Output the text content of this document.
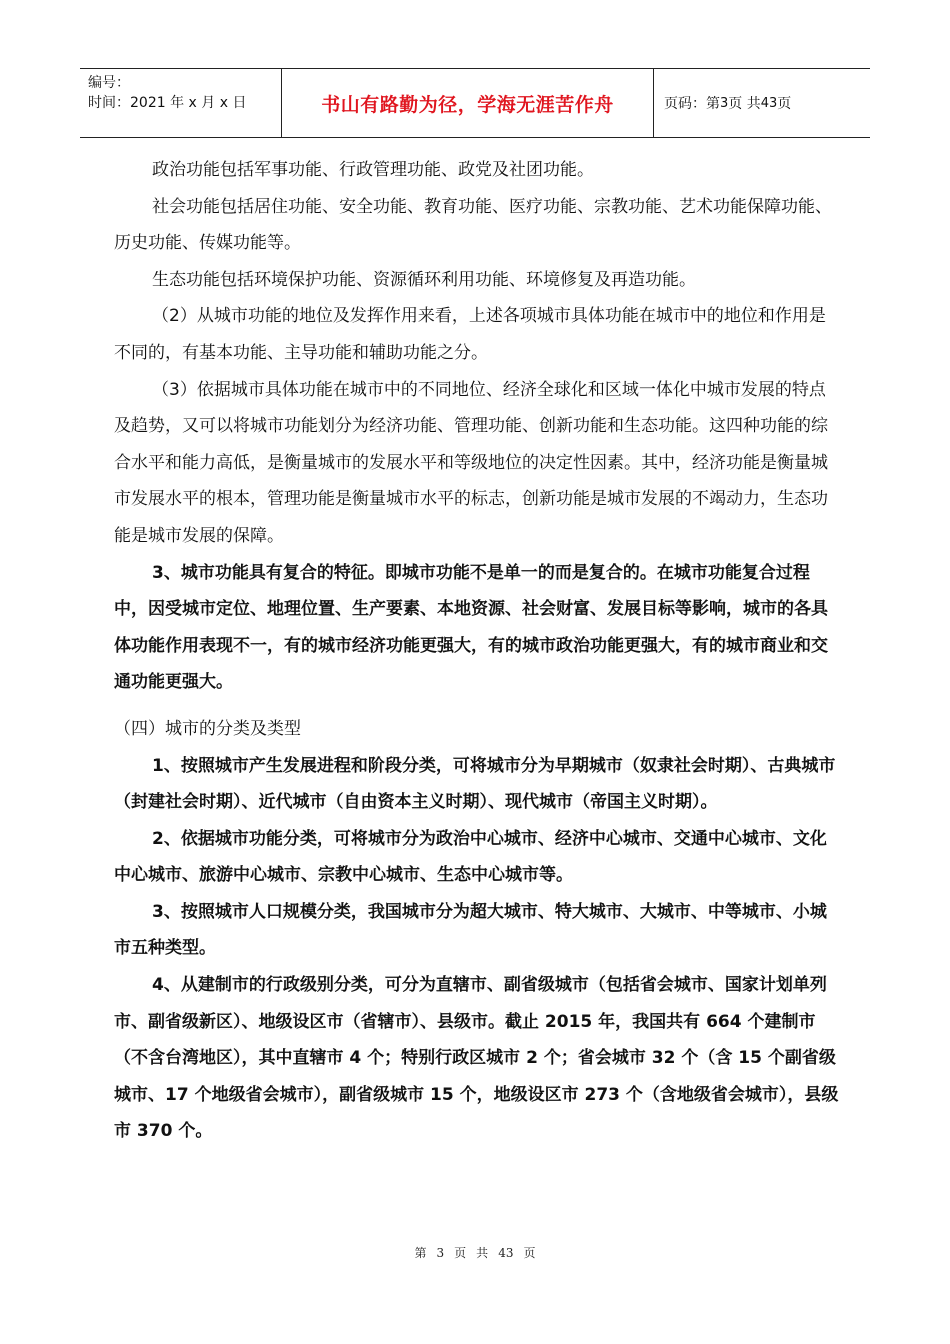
编号：
时间：2021 年 x 月 x 日	书山有路勤为径，学海无涯苦作舟	页码：第 3 页 共 43 页

政治功能包括军事功能、行政管理功能、政党及社团功能。

社会功能包括居住功能、安全功能、教育功能、医疗功能、宗教功能、艺术功能保障功能、历史功能、传媒功能等。

生态功能包括环境保护功能、资源循环利用功能、环境修复及再造功能。

（2）从城市功能的地位及发挥作用来看，上述各项城市具体功能在城市中的地位和作用是不同的，有基本功能、主导功能和辅助功能之分。

（3）依据城市具体功能在城市中的不同地位、经济全球化和区域一体化中城市发展的特点及趋势，又可以将城市功能划分为经济功能、管理功能、创新功能和生态功能。这四种功能的综合水平和能力高低，是衡量城市的发展水平和等级地位的决定性因素。其中，经济功能是衡量城市发展水平的根本，管理功能是衡量城市水平的标志，创新功能是城市发展的不竭动力，生态功能是城市发展的保障。

3、城市功能具有复合的特征。即城市功能不是单一的而是复合的。在城市功能复合过程中，因受城市定位、地理位置、生产要素、本地资源、社会财富、发展目标等影响，城市的各具体功能作用表现不一，有的城市经济功能更强大，有的城市政治功能更强大，有的城市商业和交通功能更强大。

（四）城市的分类及类型

1、按照城市产生发展进程和阶段分类，可将城市分为早期城市（奴隶社会时期）、古典城市（封建社会时期）、近代城市（自由资本主义时期）、现代城市（帝国主义时期）。

2、依据城市功能分类，可将城市分为政治中心城市、经济中心城市、交通中心城市、文化中心城市、旅游中心城市、宗教中心城市、生态中心城市等。

3、按照城市人口规模分类，我国城市分为超大城市、特大城市、大城市、中等城市、小城市五种类型。

4、从建制市的行政级别分类，可分为直辖市、副省级城市（包括省会城市、国家计划单列市、副省级新区）、地级设区市（省辖市）、县级市。截止 2015 年，我国共有 664 个建制市（不含台湾地区），其中直辖市 4 个；特别行政区城市 2 个；省会城市 32 个（含 15 个副省级城市、17 个地级省会城市），副省级城市 15 个，地级设区市 273 个（含地级省会城市），县级市 370 个。

第 3 页 共 43 页
